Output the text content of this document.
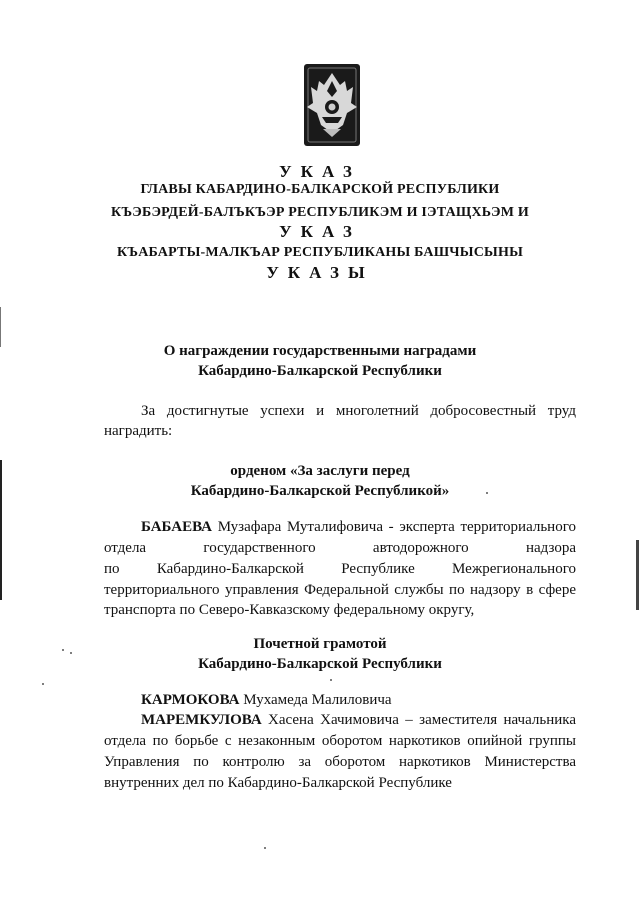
УКАЗ
ГЛАВЫ КАБАРДИНО-БАЛКАРСКОЙ РЕСПУБЛИКИ
КЪЭБЭРДЕЙ-БАЛЪКЪЭР РЕСПУБЛИКЭМ И ӀЭТАЩХЬЭМ И
УКАЗ
КЪАБАРТЫ-МАЛКЪАР РЕСПУБЛИКАНЫ БАШЧЫСЫНЫ
УКАЗЫ
О награждении государственными наградами
Кабардино-Балкарской Республики
За достигнутые успехи и многолетний добросовестный труд
наградить:
орденом «За заслуги перед
Кабардино-Балкарской Республикой»
БАБАЕВА Музафара Муталифовича - эксперта территориального
отдела государственного автодорожного надзора
по Кабардино-Балкарской Республике Межрегионального
территориального управления Федеральной службы по надзору в сфере
транспорта по Северо-Кавказскому федеральному округу,
Почетной грамотой
Кабардино-Балкарской Республики
КАРМОКОВА Мухамеда Малиловича
МАРЕМКУЛОВА Хасена Хачимовича – заместителя начальника
отдела по борьбе с незаконным оборотом наркотиков опийной группы
Управления по контролю за оборотом наркотиков Министерства
внутренних дел по Кабардино-Балкарской Республике
